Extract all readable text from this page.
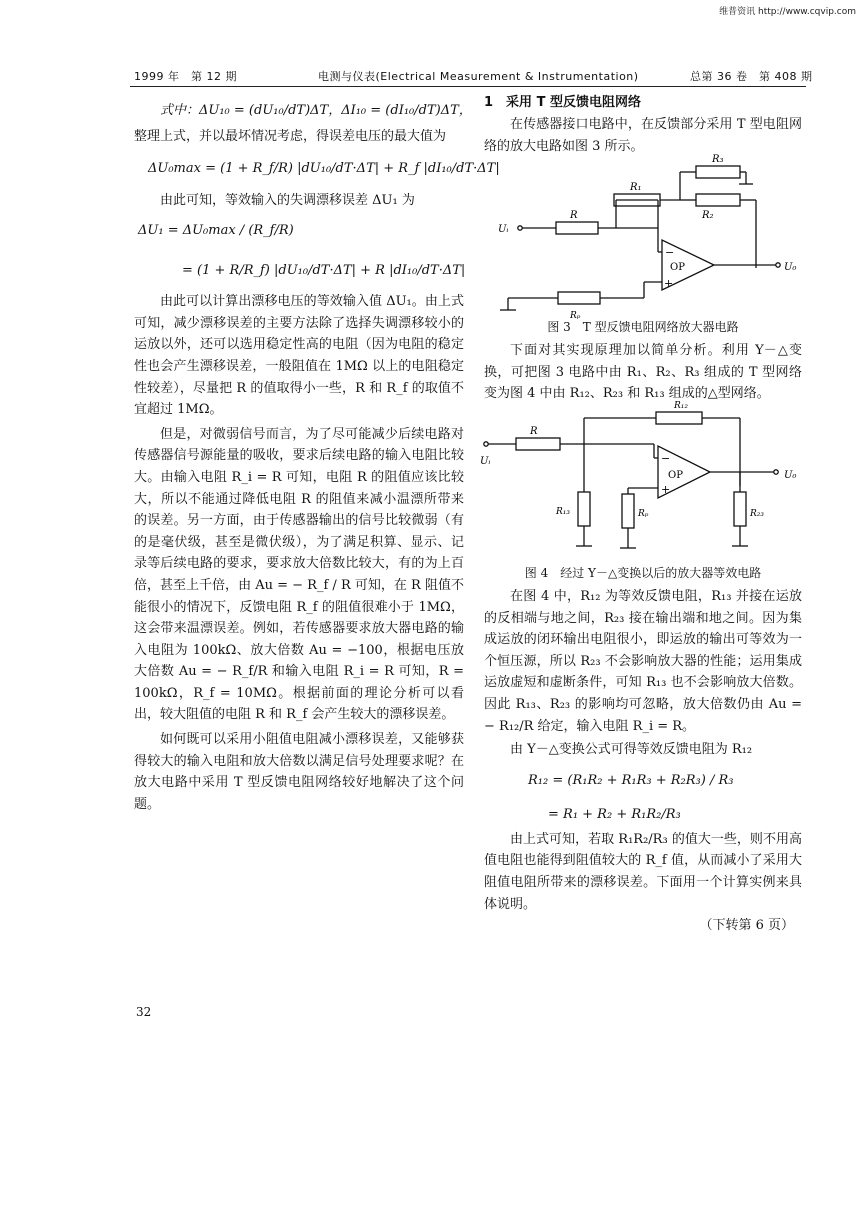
维普资讯 http://www.cqvip.com
1999 年　第 12 期	电测与仪表(Electrical Measurement & Instrumentation)	总第 36 卷　第 408 期
式中：ΔU₁₀ = (dU₁₀/dT)ΔT，ΔI₁₀ = (dI₁₀/dT)ΔT，

整理上式，并以最坏情况考虑，得误差电压的最大值为

ΔU₀max = (1 + R_f/R) |dU₁₀/dT·ΔT| + R_f |dI₁₀/dT·ΔT|

由此可知，等效输入的失调漂移误差 ΔU₁ 为

ΔU₁ = ΔU₀max / (R_f/R)
= (1 + R/R_f) |dU₁₀/dT·ΔT| + R |dI₁₀/dT·ΔT|

由此可以计算出漂移电压的等效输入值 ΔU₁。由上式可知，减少漂移误差的主要方法除了选择失调漂移较小的运放以外，还可以选用稳定性高的电阻（因为电阻的稳定性也会产生漂移误差，一般阻值在 1MΩ 以上的电阻稳定性较差），尽量把 R 的值取得小一些，R 和 R_f 的取值不宜超过 1MΩ。

但是，对微弱信号而言，为了尽可能减少后续电路对传感器信号源能量的吸收，要求后续电路的输入电阻比较大。由输入电阻 R_i = R 可知，电阻 R 的阻值应该比较大，所以不能通过降低电阻 R 的阻值来减小温漂所带来的误差。另一方面，由于传感器输出的信号比较微弱（有的是毫伏级，甚至是微伏级），为了满足积算、显示、记录等后续电路的要求，要求放大倍数比较大，有的为上百倍，甚至上千倍，由 Au = − R_f / R 可知，在 R 阻值不能很小的情况下，反馈电阻 R_f 的阻值很难小于 1MΩ，这会带来温漂误差。例如，若传感器要求放大器电路的输入电阻为 100kΩ、放大倍数 Au = −100，根据电压放大倍数 Au = − R_f/R 和输入电阻 R_i = R 可知，R = 100kΩ，R_f = 10MΩ。根据前面的理论分析可以看出，较大阻值的电阻 R 和 R_f 会产生较大的漂移误差。

如何既可以采用小阻值电阻减小漂移误差，又能够获得较大的输入电阻和放大倍数以满足信号处理要求呢？在放大电路中采用 T 型反馈电阻网络较好地解决了这个问题。

32
1　采用 T 型反馈电阻网络

在传感器接口电路中，在反馈部分采用 T 型电阻网络的放大电路如图 3 所示。

R₃
R₁
R₂
R
Rₚ
Uᵢ
U₀
OP
−
+
图 3　T 型反馈电阻网络放大器电路

下面对其实现原理加以简单分析。利用 Y－△变换，可把图 3 电路中由 R₁、R₂、R₃ 组成的 T 型网络变为图 4 中由 R₁₂、R₂₃ 和 R₁₃ 组成的△型网络。

R₁₂
R
Uᵢ
U₀
OP
−
+
R₁₃	Rₚ	R₂₃
图 4　经过 Y－△变换以后的放大器等效电路

在图 4 中，R₁₂ 为等效反馈电阻，R₁₃ 并接在运放的反相端与地之间，R₂₃ 接在输出端和地之间。因为集成运放的闭环输出电阻很小，即运放的输出可等效为一个恒压源，所以 R₂₃ 不会影响放大器的性能；运用集成运放虚短和虚断条件，可知 R₁₃ 也不会影响放大倍数。因此 R₁₃、R₂₃ 的影响均可忽略，放大倍数仍由 Au = − R₁₂/R 给定，输入电阻 R_i = R。

由 Y－△变换公式可得等效反馈电阻为 R₁₂

R₁₂ = (R₁R₂ + R₁R₃ + R₂R₃) / R₃
= R₁ + R₂ + R₁R₂/R₃

由上式可知，若取 R₁R₂/R₃ 的值大一些，则不用高值电阻也能得到阻值较大的 R_f 值，从而减小了采用大阻值电阻所带来的漂移误差。下面用一个计算实例来具体说明。

（下转第 6 页）
